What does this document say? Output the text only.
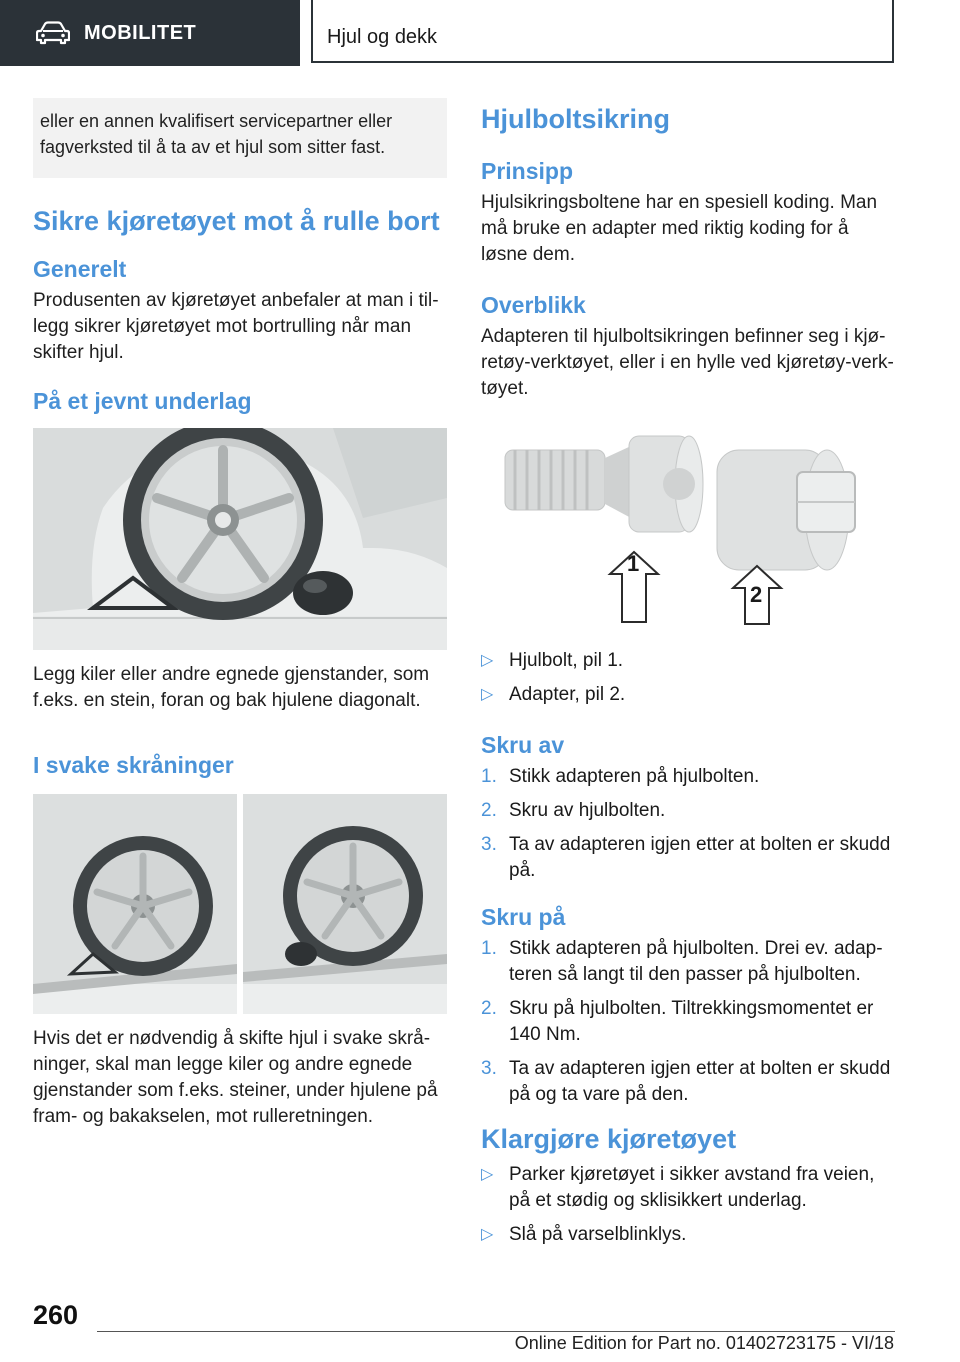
MOBILITET	Hjul og dekk
eller en annen kvalifisert servicepartner eller fagverksted til å ta av et hjul som sitter fast.
Sikre kjøretøyet mot å rulle bort
Generelt

Produsenten av kjøretøyet anbefaler at man i tillegg sikrer kjøretøyet mot bortrulling når man skifter hjul.

På et jevnt underlag

Legg kiler eller andre egnede gjenstander, som f.eks. en stein, foran og bak hjulene diagonalt.

I svake skråninger

Hvis det er nødvendig å skifte hjul i svake skråninger, skal man legge kiler og andre egnede gjenstander som f.eks. steiner, under hjulene på fram- og bakakselen, mot rulleretningen.

Hjulboltsikring
Prinsipp

Hjulsikringsboltene har en spesiell koding. Man må bruke en adapter med riktig koding for å løsne dem.

Overblikk

Adapteren til hjulboltsikringen befinner seg i kjøretøy-verktøyet, eller i en hylle ved kjøretøy-verktøyet.

1
2
▷ Hjulbolt, pil 1.
▷ Adapter, pil 2.
Skru av
1. Stikk adapteren på hjulbolten.
2. Skru av hjulbolten.
3. Ta av adapteren igjen etter at bolten er skudd på.
Skru på
1. Stikk adapteren på hjulbolten. Drei ev. adapteren så langt til den passer på hjulbolten.
2. Skru på hjulbolten. Tiltrekkingsmomentet er 140 Nm.
3. Ta av adapteren igjen etter at bolten er skudd på og ta vare på den.
Klargjøre kjøretøyet
▷ Parker kjøretøyet i sikker avstand fra veien, på et stødig og sklisikkert underlag.
▷ Slå på varselblinklys.
260
Online Edition for Part no. 01402723175 - VI/18
